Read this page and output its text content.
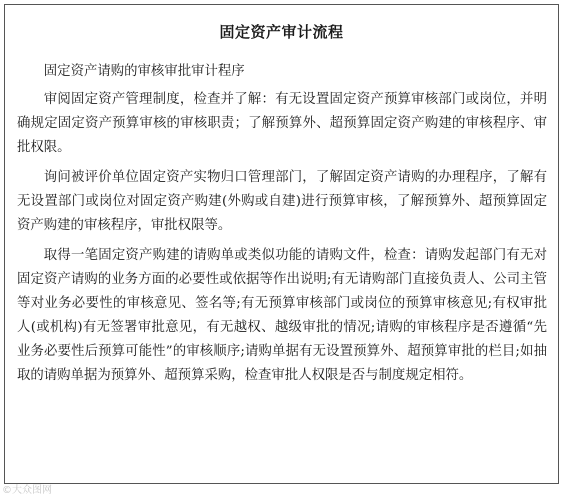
固定资产审计流程

固定资产请购的审核审批审计程序

审阅固定资产管理制度，检查并了解：有无设置固定资产预算审核部门或岗位，并明确规定固定资产预算审核的审核职责；了解预算外、超预算固定资产购建的审核程序、审批权限。

询问被评价单位固定资产实物归口管理部门，了解固定资产请购的办理程序，了解有无设置部门或岗位对固定资产购建(外购或自建)进行预算审核，了解预算外、超预算固定资产购建的审核程序，审批权限等。

取得一笔固定资产购建的请购单或类似功能的请购文件，检查：请购发起部门有无对固定资产请购的业务方面的必要性或依据等作出说明;有无请购部门直接负责人、公司主管等对业务必要性的审核意见、签名等;有无预算审核部门或岗位的预算审核意见;有权审批人(或机构)有无签署审批意见，有无越权、越级审批的情况;请购的审核程序是否遵循“先业务必要性后预算可能性”的审核顺序;请购单据有无设置预算外、超预算审批的栏目;如抽取的请购单据为预算外、超预算采购，检查审批人权限是否与制度规定相符。

©大众图网
